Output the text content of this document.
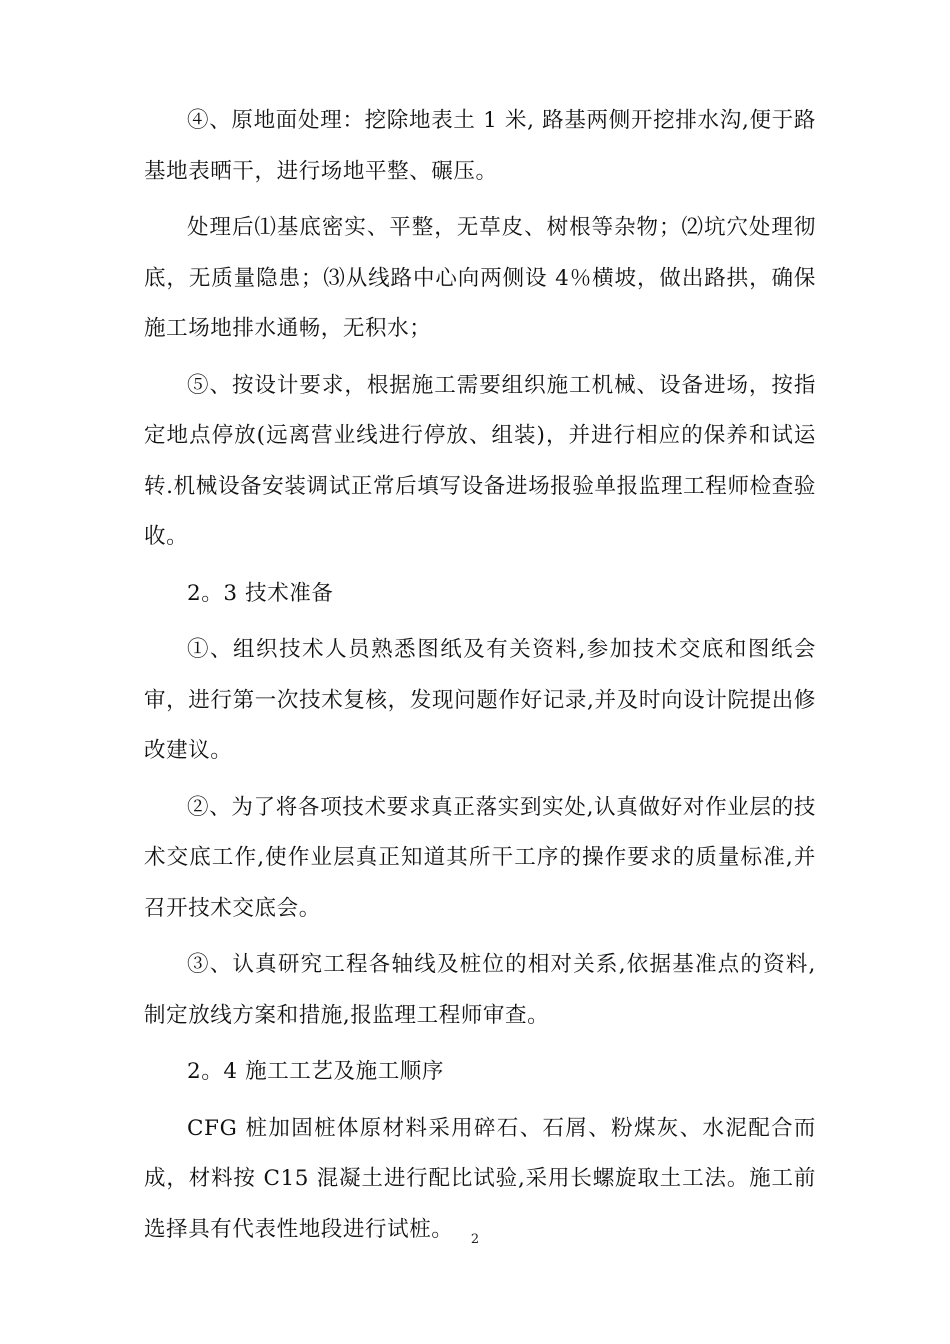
④、原地面处理：挖除地表土 1 米, 路基两侧开挖排水沟,便于路基地表晒干，进行场地平整、碾压。

处理后⑴基底密实、平整，无草皮、树根等杂物；⑵坑穴处理彻底，无质量隐患；⑶从线路中心向两侧设 4％横坡，做出路拱，确保施工场地排水通畅，无积水；

⑤、按设计要求，根据施工需要组织施工机械、设备进场，按指定地点停放(远离营业线进行停放、组装)，并进行相应的保养和试运转.机械设备安装调试正常后填写设备进场报验单报监理工程师检查验收。

2。3 技术准备

①、组织技术人员熟悉图纸及有关资料,参加技术交底和图纸会审，进行第一次技术复核，发现问题作好记录,并及时向设计院提出修改建议。

②、为了将各项技术要求真正落实到实处,认真做好对作业层的技术交底工作,使作业层真正知道其所干工序的操作要求的质量标准,并召开技术交底会。

③、认真研究工程各轴线及桩位的相对关系,依据基准点的资料,制定放线方案和措施,报监理工程师审查。

2。4 施工工艺及施工顺序

CFG 桩加固桩体原材料采用碎石、石屑、粉煤灰、水泥配合而成，材料按 C15 混凝土进行配比试验,采用长螺旋取土工法。施工前选择具有代表性地段进行试桩。	2
